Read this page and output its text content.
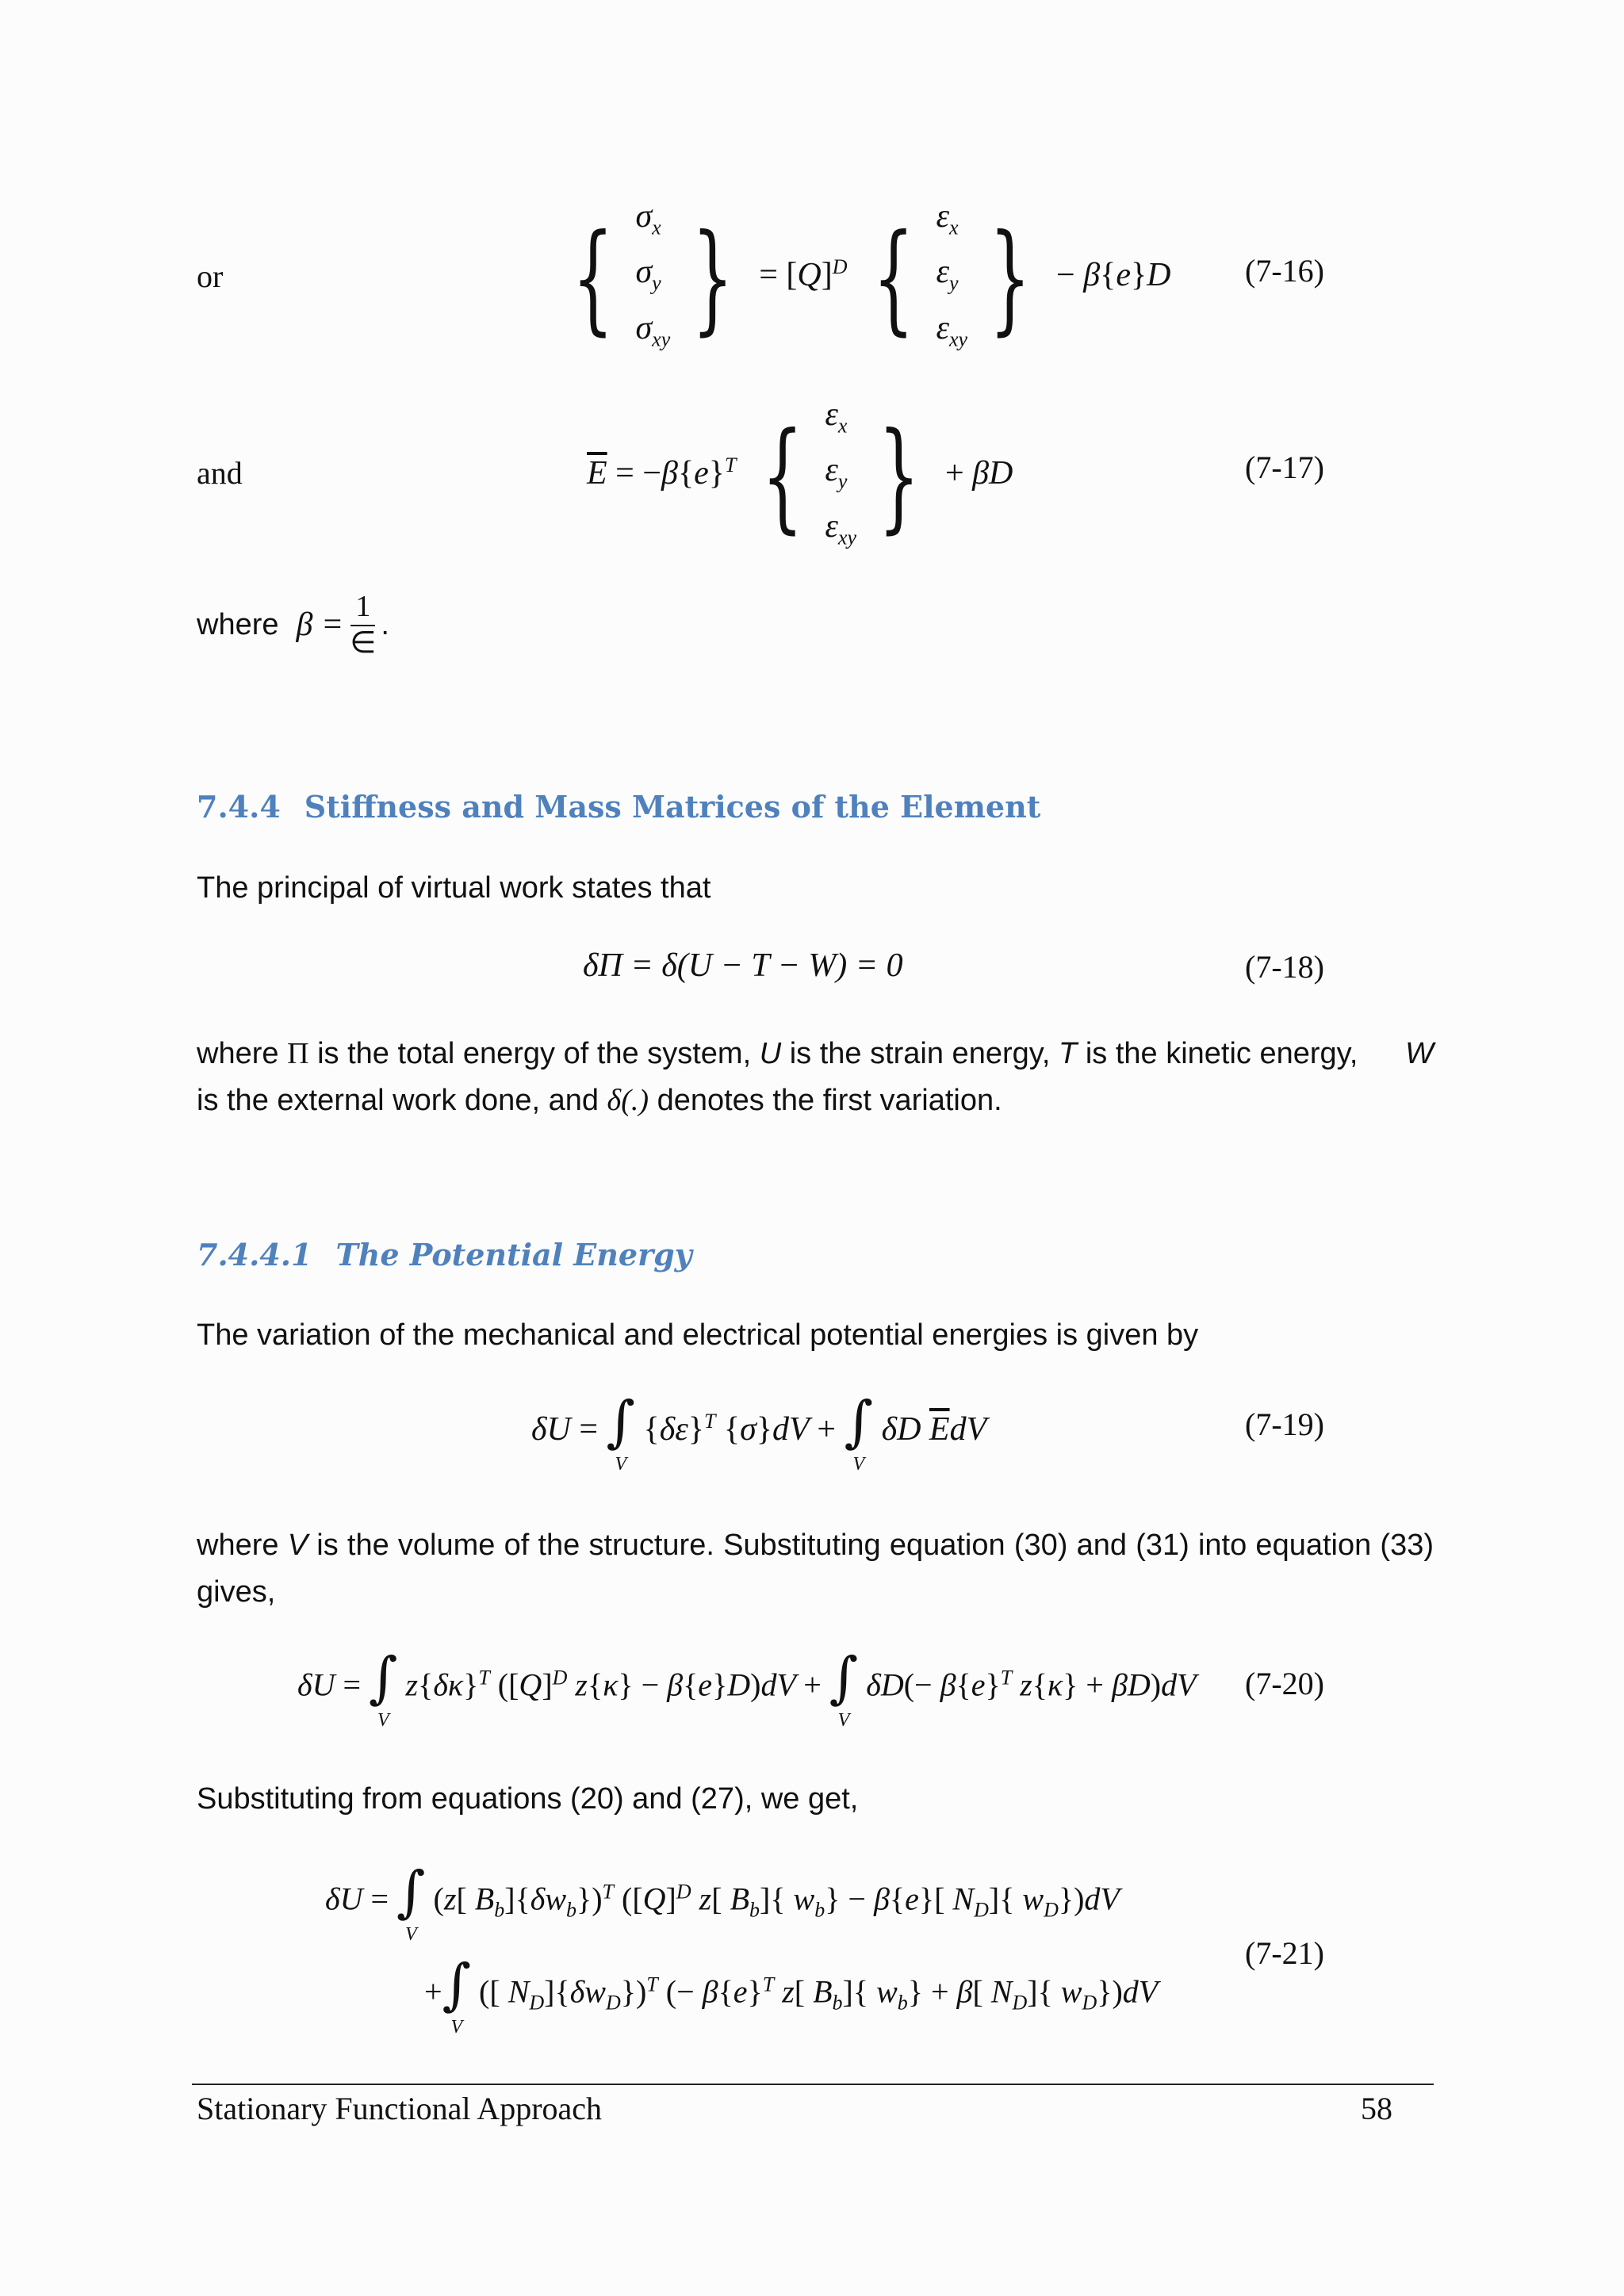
or	{ $\sigma_x$
$\sigma_y$
$\sigma_{xy}$ } = $[Q]^D$ { $\varepsilon_x$
$\varepsilon_y$
$\varepsilon_{xy}$ } − β{e}D (7-16)
and	$\overline{E} = -\beta\{e\}^T$ { $\varepsilon_x$
$\varepsilon_y$
$\varepsilon_{xy}$ } + βD	(7-17)
where β =
1
∈
.
7.4.4 Stiffness and Mass Matrices of the Element
The principal of virtual work states that
δΠ = δ(U − T − W) = 0	(7-18)
where Π is the total energy of the system, U is the strain energy, T is the kinetic energy, W
is the external work done, and δ(.) denotes the first variation.
7.4.4.1 The Potential Energy
The variation of the mechanical and electrical potential energies is given by
δU = ∫
V
$\{\delta\varepsilon\}^T$ {σ}dV + ∫
V
δD $\overline{E}dV$	(7-19)
where V is the volume of the structure. Substituting equation (30) and (31) into equation (33) gives,
δU = ∫
V
$z\{\delta\kappa\}^T$ ($[Q]^D$ z{κ} − β{e}D)dV + ∫
V
$\delta D(- \beta\{e\}^T$ z{κ} + βD)dV (7-20)
Substituting from equations (20) and (27), we get,
δU = ∫
V
(z[ $B_b]\{\delta w_b\})^T$ ($[Q]^D$ z[ $B_b$]{ $w_b\} - \beta\{e\}$[ $N_D$]{ $w_D\})dV$
+ ∫
V
([ $N_D]\{\delta w_D\})^T$ (− $\beta\{e\}^T$ z[ $B_b$]{ $w_b\} + \beta$[ $N_D$]{ $w_D\})dV$
(7-21)
Stationary Functional Approach	58
